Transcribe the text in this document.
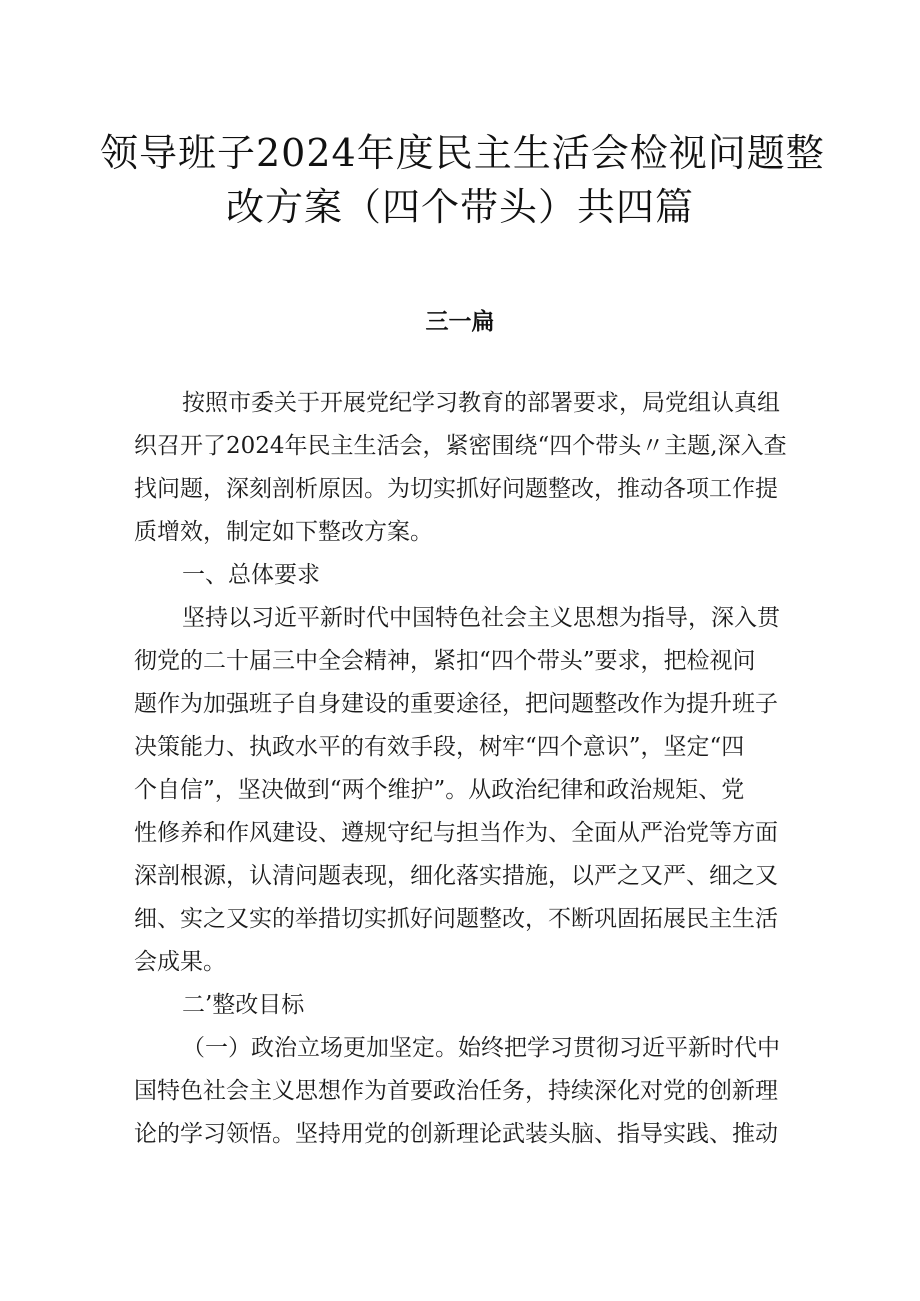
领导班子2024年度民主生活会检视问题整
改方案（四个带头）共四篇
三一扁
按照市委关于开展党纪学习教育的部署要求，局党组认真组
织召开了2024年民主生活会，紧密围绕“四个带头〃主题,深入查
找问题，深刻剖析原因。为切实抓好问题整改，推动各项工作提
质增效，制定如下整改方案。
一、总体要求
坚持以习近平新时代中国特色社会主义思想为指导，深入贯
彻党的二十届三中全会精神，紧扣“四个带头”要求，把检视问
题作为加强班子自身建设的重要途径，把问题整改作为提升班子
决策能力、执政水平的有效手段，树牢“四个意识”，坚定“四
个自信”，坚决做到“两个维护”。从政治纪律和政治规矩、党
性修养和作风建设、遵规守纪与担当作为、全面从严治党等方面
深剖根源，认清问题表现，细化落实措施，以严之又严、细之又
细、实之又实的举措切实抓好问题整改，不断巩固拓展民主生活
会成果。
二’整改目标
（一）政治立场更加坚定。始终把学习贯彻习近平新时代中
国特色社会主义思想作为首要政治任务，持续深化对党的创新理
论的学习领悟。坚持用党的创新理论武装头脑、指导实践、推动
